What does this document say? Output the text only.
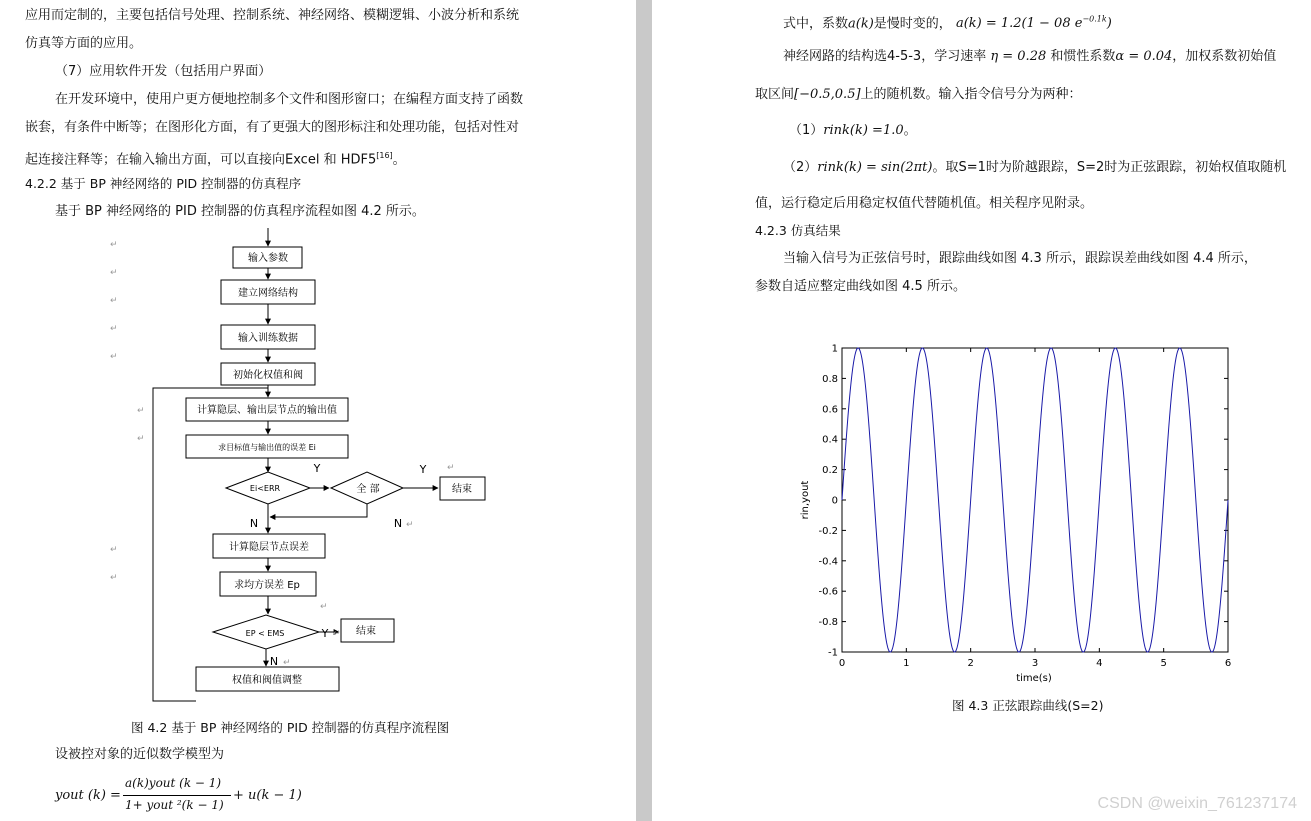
应用而定制的，主要包括信号处理、控制系统、神经网络、模糊逻辑、小波分析和系统
仿真等方面的应用。
（7）应用软件开发（包括用户界面）
在开发环境中，使用户更方便地控制多个文件和图形窗口；在编程方面支持了函数
嵌套，有条件中断等；在图形化方面，有了更强大的图形标注和处理功能，包括对性对
起连接注释等；在输入输出方面，可以直接向Excel 和 HDF5[16]。
4.2.2 基于 BP 神经网络的 PID 控制器的仿真程序
基于 BP 神经网络的 PID 控制器的仿真程序流程如图 4.2 所示。
↵
↵
↵
↵
↵
↵
↵
↵
↵
输入参数
建立网络结构
输入训练数据
初始化权值和阀
计算隐层、输出层节点的输出值
求目标值与输出值的误差 Ei
Ei<ERR	全 部	结束
Y	Y
N	N
计算隐层节点误差
求均方误差 Ep
EP < EMS	Y	结束
N
权值和阀值调整
↵
↵
↵
↵
↵
图 4.2 基于 BP 神经网络的 PID 控制器的仿真程序流程图
设被控对象的近似数学模型为
yout (k) =
a(k)yout (k − 1)
1+ yout ²(k − 1)
+ u(k − 1)
式中，系数a(k)是慢时变的， a(k) = 1.2(1 − 08 $e^{-0.1k}$)
神经网路的结构选4-5-3，学习速率 η = 0.28 和惯性系数α = 0.04，加权系数初始值
取区间[−0.5,0.5]上的随机数。输入指令信号分为两种：
（1）rink(k) =1.0。
（2）rink(k) = sin(2πt)。取S=1时为阶越跟踪，S=2时为正弦跟踪，初始权值取随机
值，运行稳定后用稳定权值代替随机值。相关程序见附录。
4.2.3 仿真结果
当输入信号为正弦信号时，跟踪曲线如图 4.3 所示，跟踪误差曲线如图 4.4 所示，
参数自适应整定曲线如图 4.5 所示。
0	1	2	3	4	5	6
-1
-0.8
-0.6
-0.4
-0.2
0
0.2
0.4
0.6
0.8
1
time(s)
rin,yout
图 4.3 正弦跟踪曲线(S=2)
CSDN @weixin_761237174
